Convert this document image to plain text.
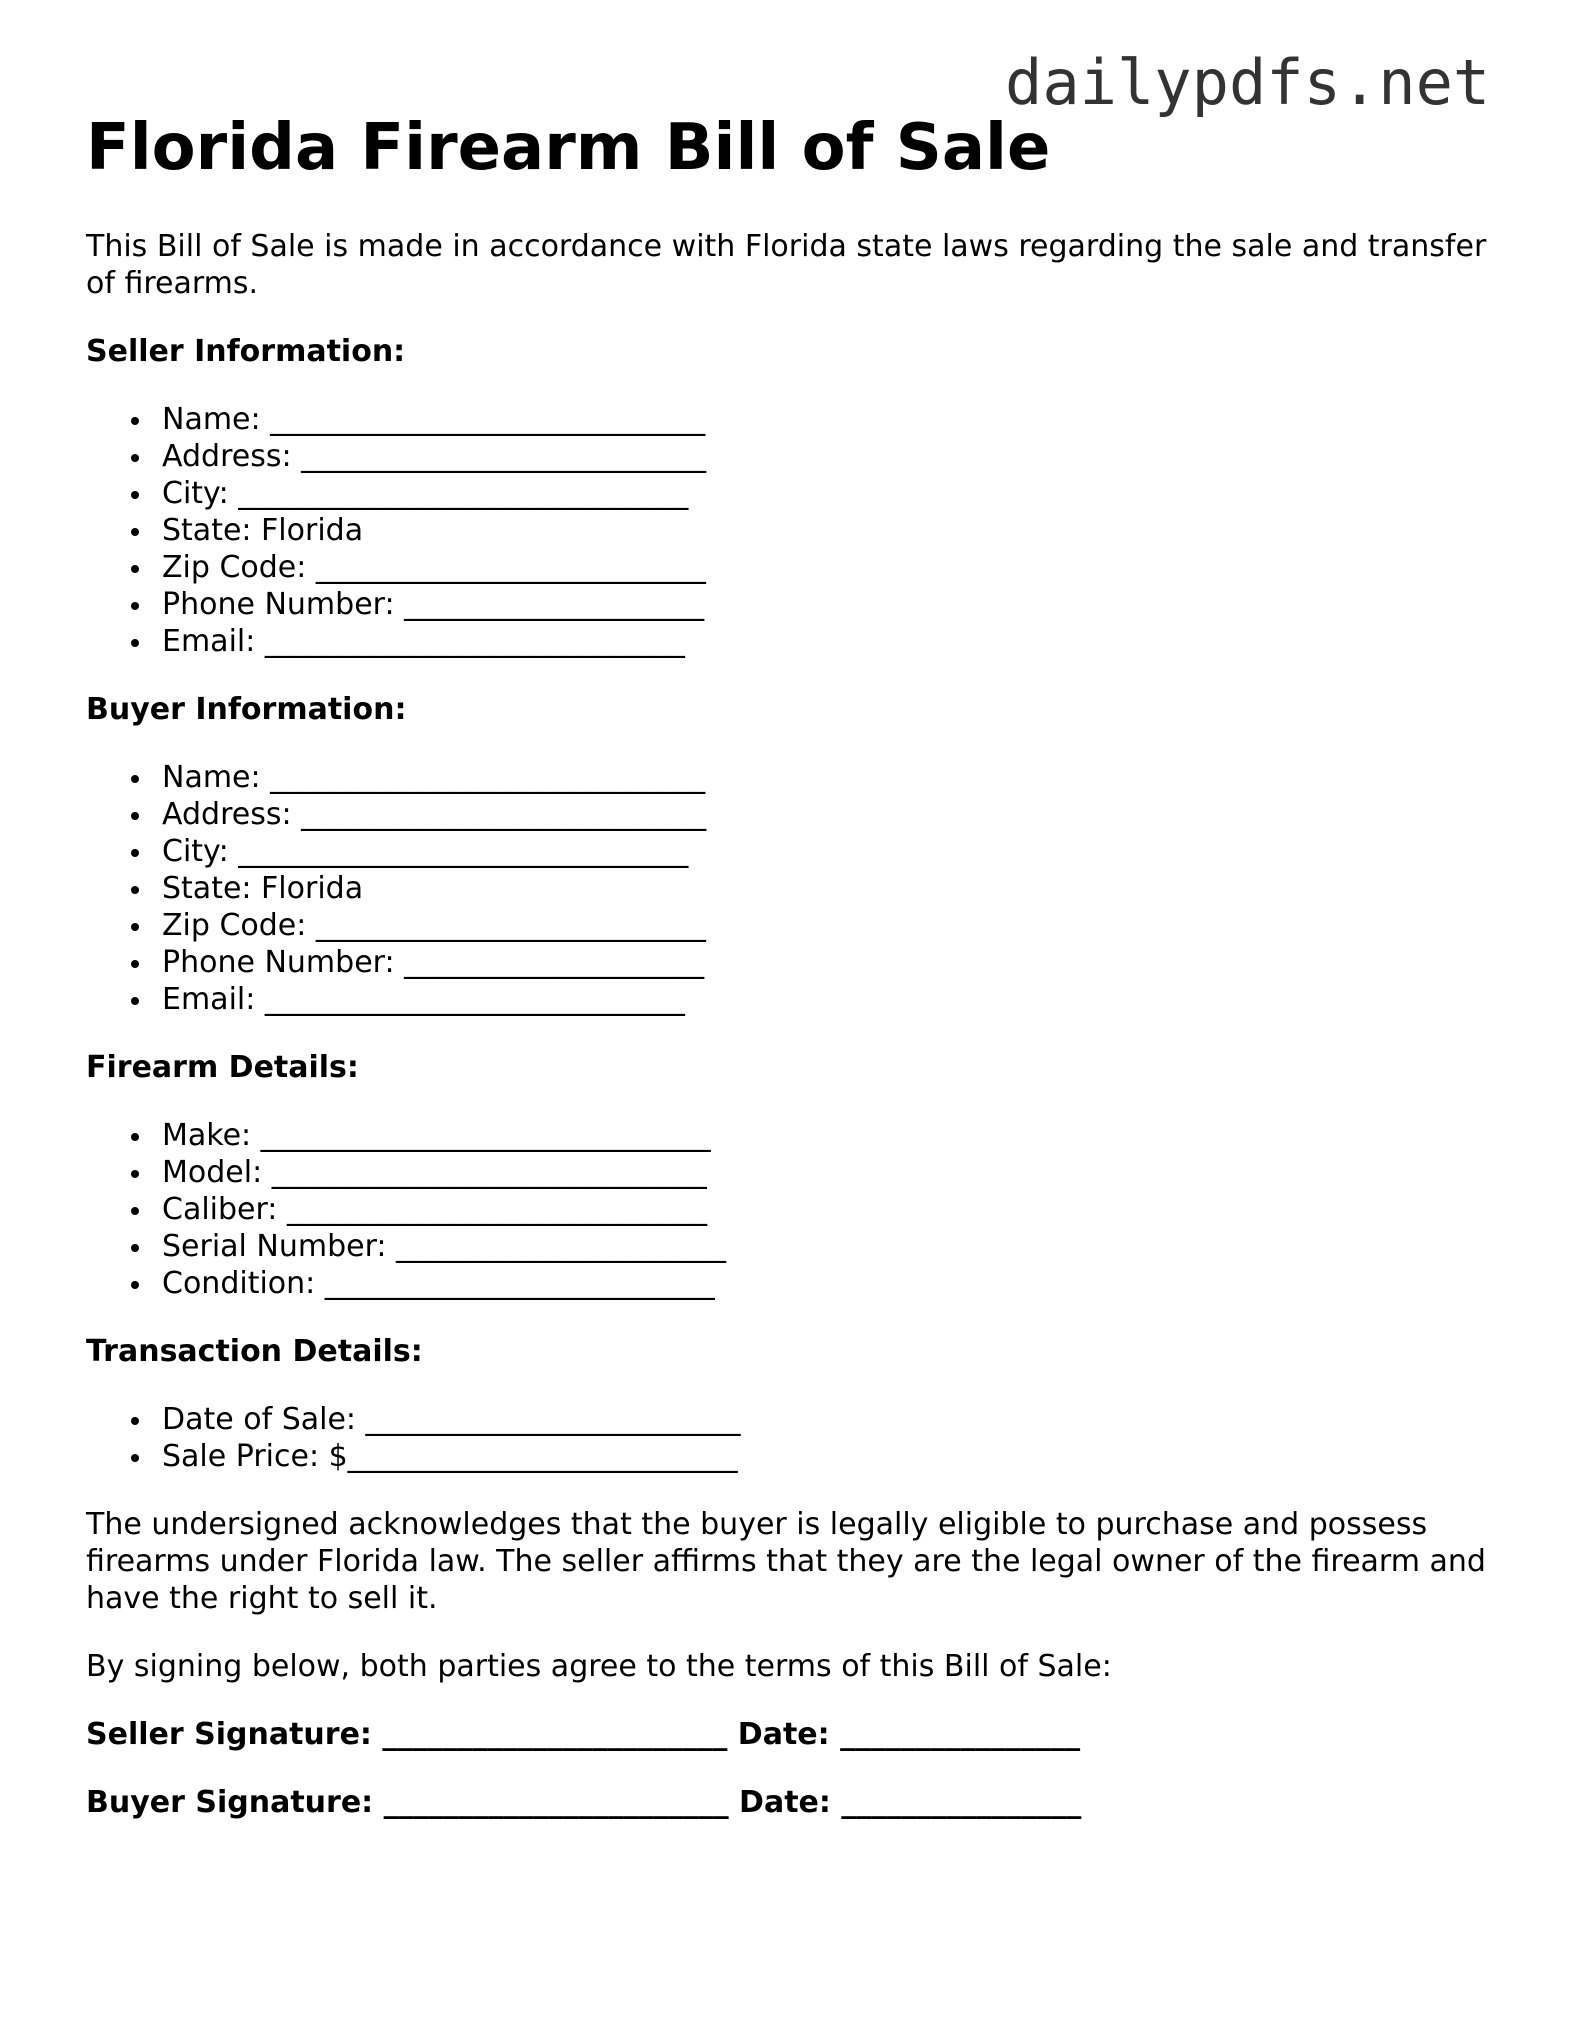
dailypdfs.net
Florida Firearm Bill of Sale

This Bill of Sale is made in accordance with Florida state laws regarding the sale and transfer of firearms.

Seller Information:
Name: _____________________________
Address: ___________________________
City: ______________________________
State: Florida
Zip Code: __________________________
Phone Number: ____________________
Email: ____________________________
Buyer Information:
Name: _____________________________
Address: ___________________________
City: ______________________________
State: Florida
Zip Code: __________________________
Phone Number: ____________________
Email: ____________________________
Firearm Details:
Make: ______________________________
Model: _____________________________
Caliber: ____________________________
Serial Number: ______________________
Condition: __________________________
Transaction Details:
Date of Sale: _________________________
Sale Price: $__________________________

The undersigned acknowledges that the buyer is legally eligible to purchase and possess firearms under Florida law. The seller affirms that they are the legal owner of the firearm and have the right to sell it.

By signing below, both parties agree to the terms of this Bill of Sale:

Seller Signature: _______________________ Date: ________________
Buyer Signature: _______________________ Date: ________________
